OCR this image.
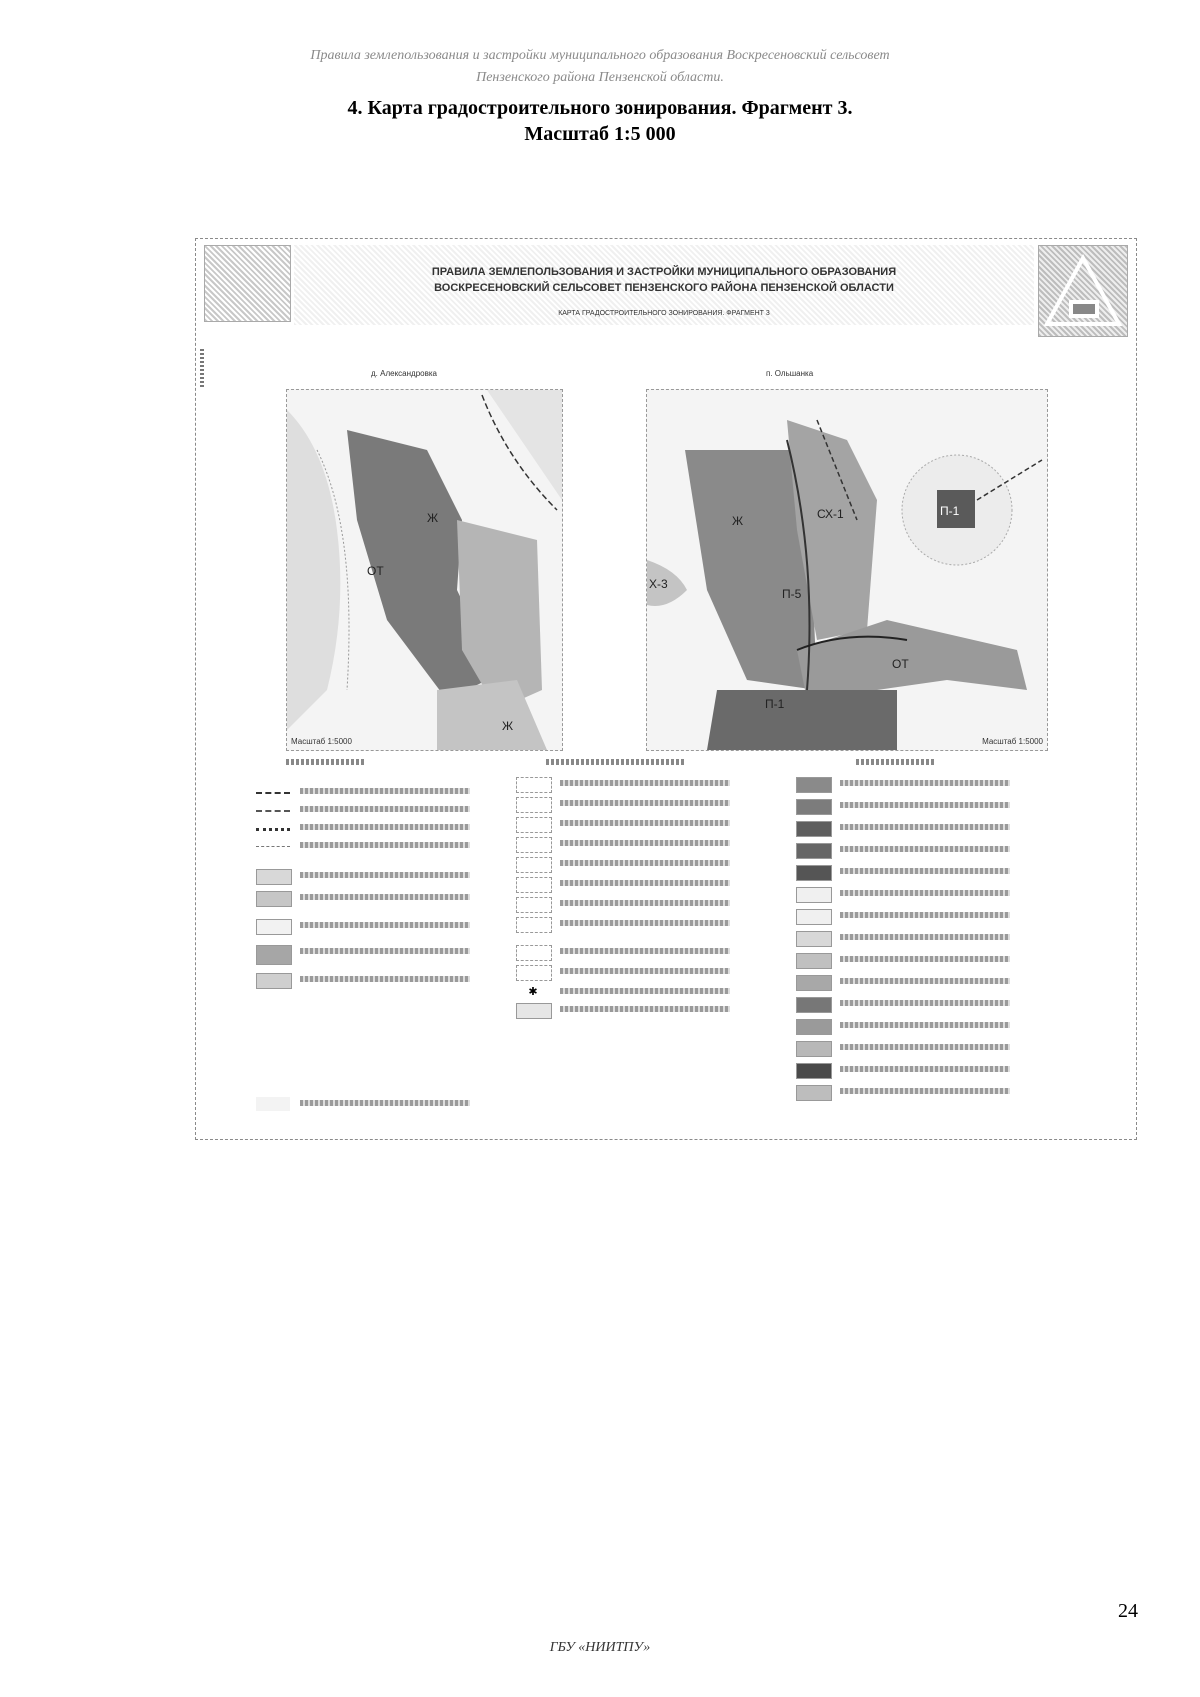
Правила землепользования и застройки муниципального образования Воскресеновский сельсовет
Пензенского района Пензенской области.
4. Карта градостроительного зонирования. Фрагмент 3.
Масштаб 1:5 000
ПРАВИЛА ЗЕМЛЕПОЛЬЗОВАНИЯ И ЗАСТРОЙКИ МУНИЦИПАЛЬНОГО ОБРАЗОВАНИЯ
ВОСКРЕСЕНОВСКИЙ СЕЛЬСОВЕТ ПЕНЗЕНСКОГО РАЙОНА ПЕНЗЕНСКОЙ ОБЛАСТИ
КАРТА ГРАДОСТРОИТЕЛЬНОГО ЗОНИРОВАНИЯ. ФРАГМЕНТ 3
д. Александровка
Ж
ОТ
Ж
Масштаб 1:5000
п. Ольшанка
Ж	СХ-1	П-1
Х-3
П-5
ОТ
П-1
Масштаб 1:5000
✱
24
ГБУ «НИИТПУ»
